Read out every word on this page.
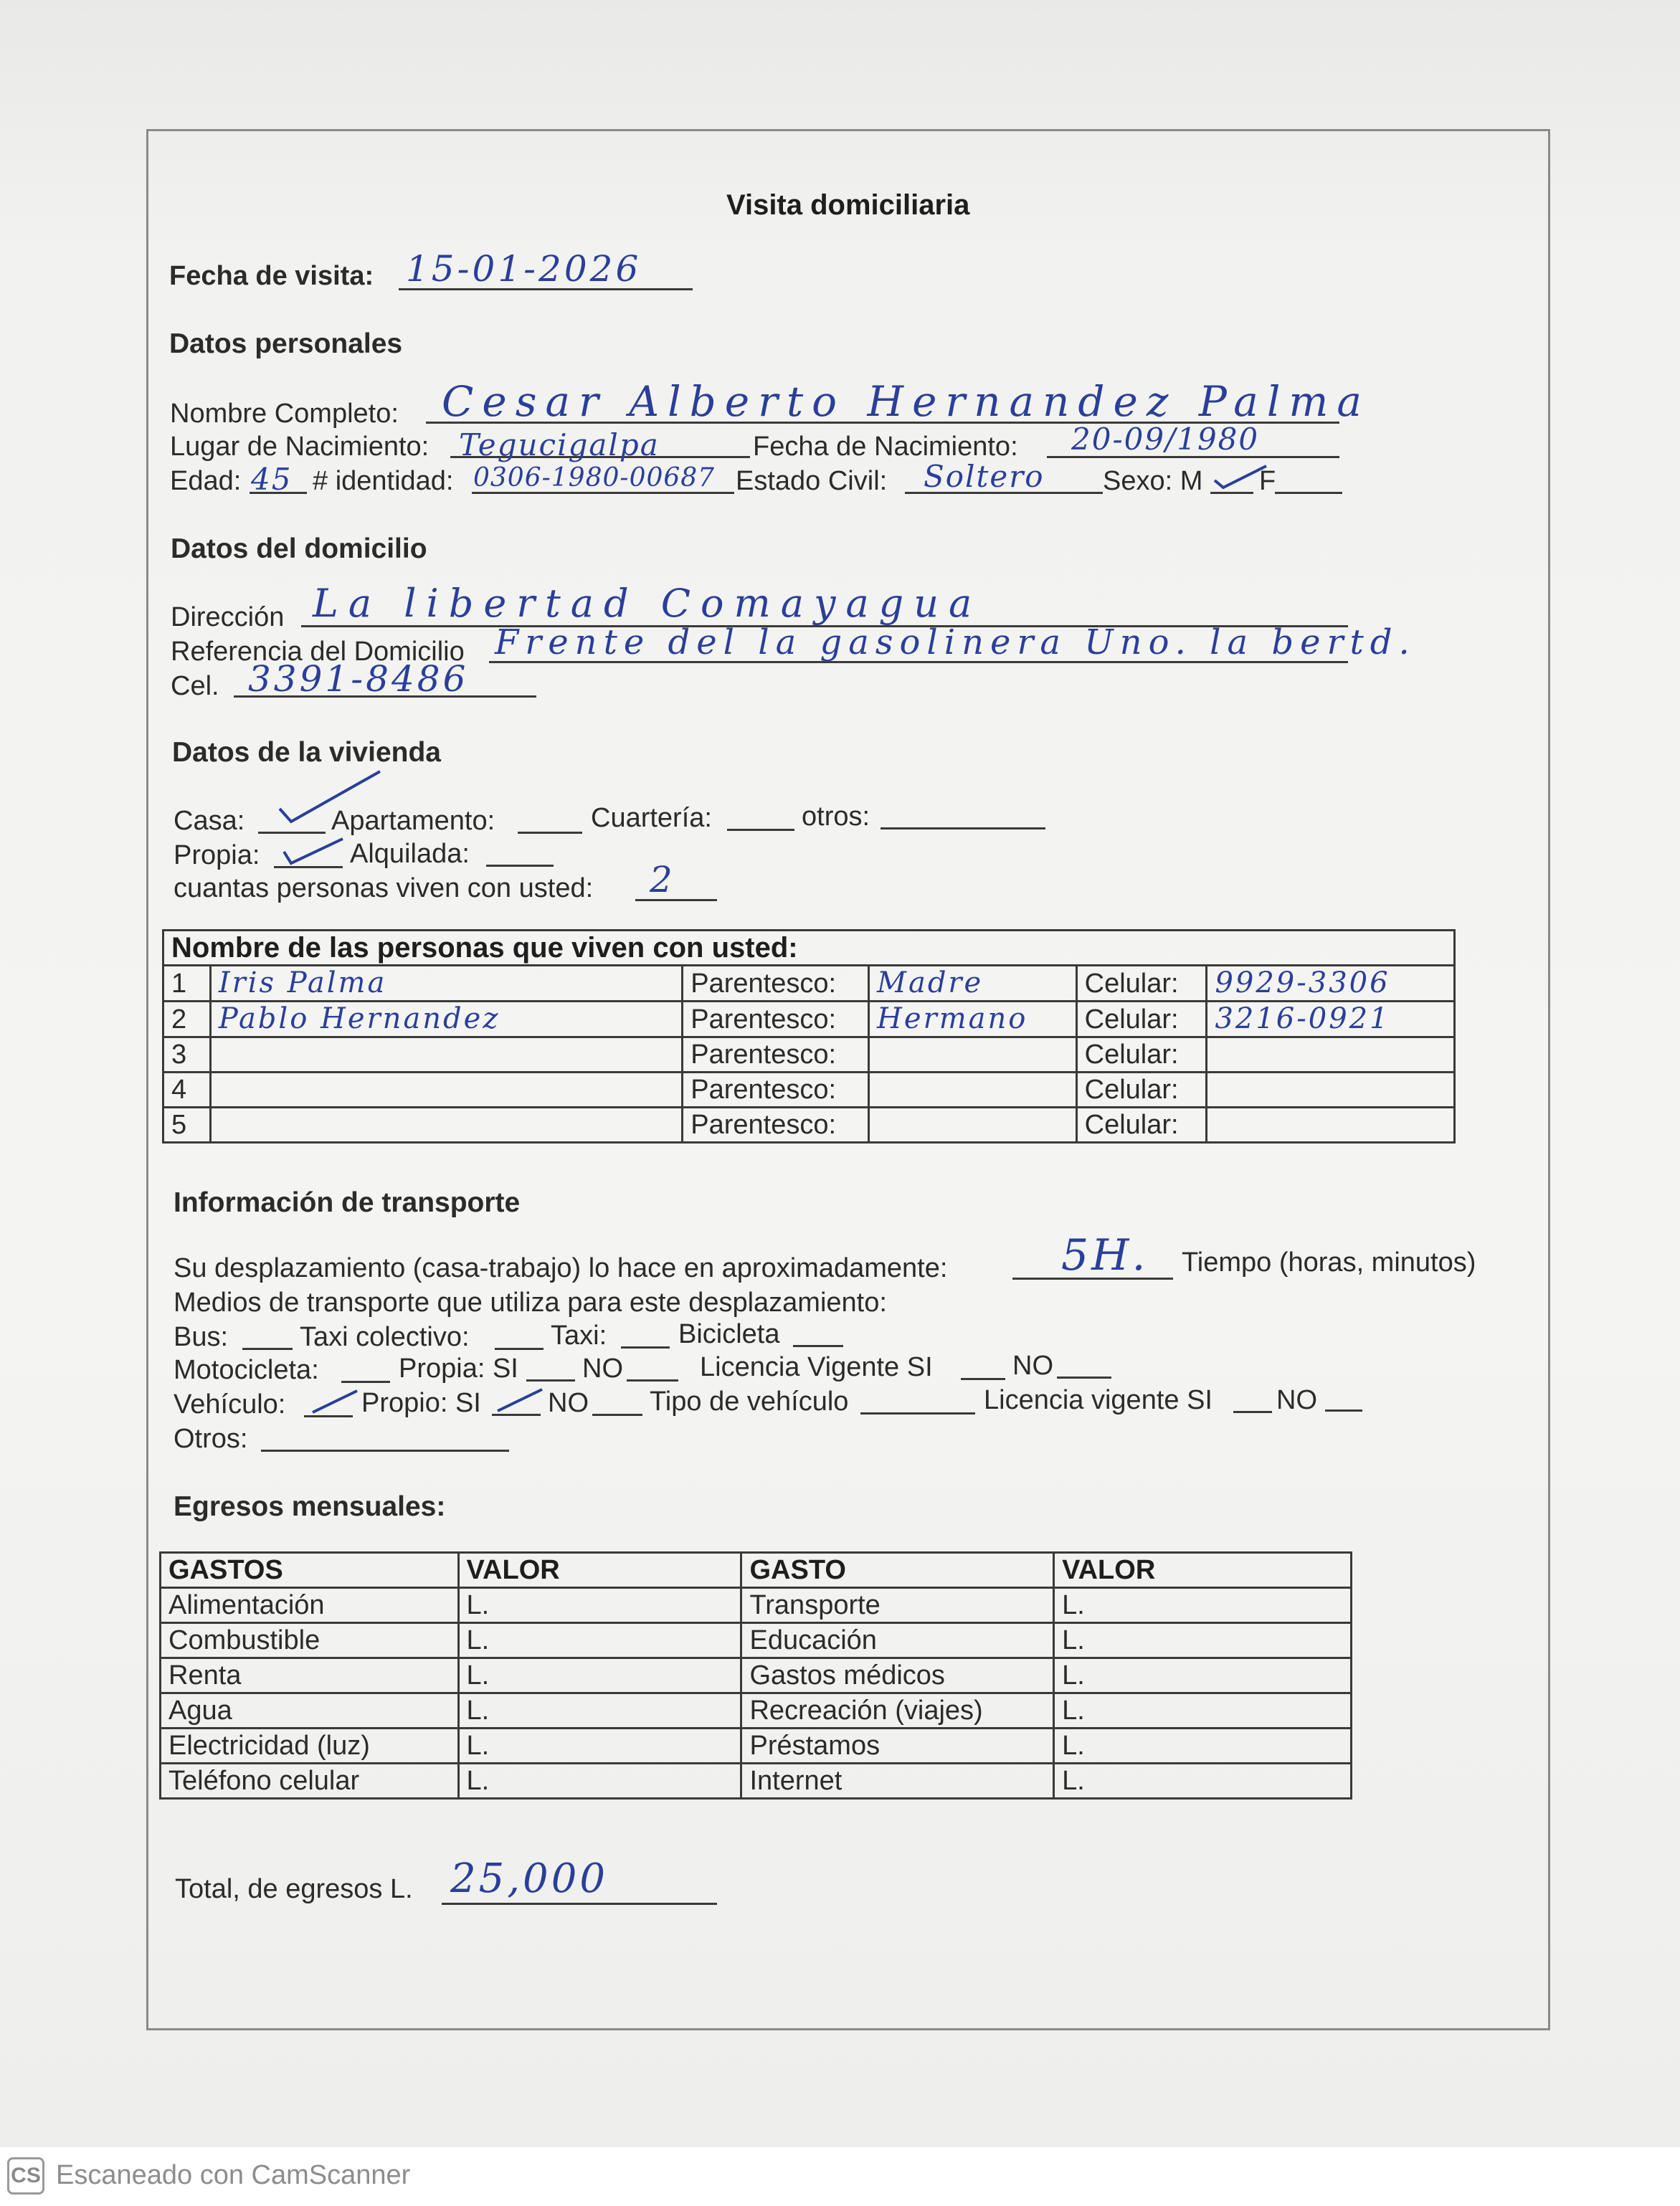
Visita domiciliaria
Fecha de visita: 15-01-2026
Datos personales
Nombre Completo: Cesar Alberto Hernandez Palma
Lugar de Nacimiento: Tegucigalpa	Fecha de Nacimiento: 20-09/1980
Edad: 45 # identidad: 0306-1980-00687 Estado Civil: Soltero Sexo: M F
Datos del domicilio
Dirección La libertad Comayagua
Referencia del Domicilio Frente del la gasolinera Uno. la bertd.
Cel. 3391-8486
Datos de la vivienda
Casa:	Apartamento:	Cuartería:	otros:
Propia:	Alquilada:
cuantas personas viven con usted: 2
Nombre de las personas que viven con usted:					
1	Iris Palma	Parentesco:	Madre	Celular:	9929-3306
2	Pablo Hernandez	Parentesco:	Hermano	Celular:	3216-0921
3		Parentesco:		Celular:	
4		Parentesco:		Celular:	
5		Parentesco:		Celular:	
Información de transporte
Su desplazamiento (casa-trabajo) lo hace en aproximadamente:	5H. Tiempo (horas, minutos)
Medios de transporte que utiliza para este desplazamiento:
Bus:	Taxi colectivo:	Taxi:	Bicicleta
Motocicleta:	Propia: SI NO	Licencia Vigente SI	NO
Vehículo:	Propio: SI NO Tipo de vehículo	Licencia vigente SI NO
Otros:
Egresos mensuales:
GASTOS	VALOR	GASTO	VALOR
Alimentación	L.	Transporte	L.
Combustible	L.	Educación	L.
Renta	L.	Gastos médicos	L.
Agua	L.	Recreación (viajes)	L.
Electricidad (luz)	L.	Préstamos	L.
Teléfono celular	L.	Internet	L.
Total, de egresos L. 25,000
CS Escaneado con CamScanner
